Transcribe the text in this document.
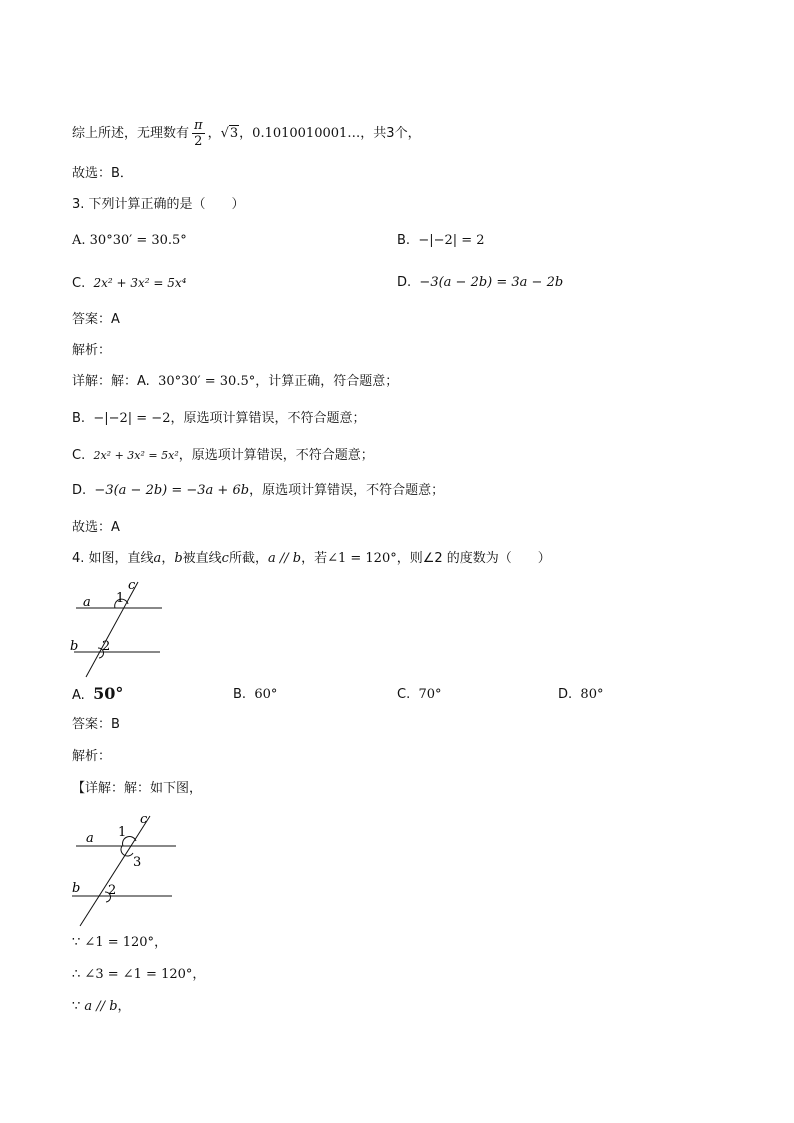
综上所述，无理数有 $\frac{\pi}{2}$ ，√3，0.1010010001…，共3个，
故选：B．
3. 下列计算正确的是（　　）
A. 30°30′ = 30.5°	B. −|−2| = 2
C. 2x² + 3x² = 5x⁴	D. −3(a − 2b) = 3a − 2b
答案：A
解析：
详解：解：A. 30°30′ = 30.5°，计算正确，符合题意；
B. −|−2| = −2，原选项计算错误，不符合题意；
C. 2x² + 3x² = 5x²，原选项计算错误，不符合题意；
D. −3(a − 2b) = −3a + 6b，原选项计算错误，不符合题意；
故选：A
4. 如图，直线a，b被直线c所截，a // b，若∠1 = 120°，则∠2 的度数为（　　）
a
b
c
1
2
A. 50°	B. 60°	C. 70°	D. 80°
答案：B
解析：
【详解：解：如下图，
a
b
c
1
3
2
∵ ∠1 = 120°，
∴ ∠3 = ∠1 = 120°，
∵ a // b，
